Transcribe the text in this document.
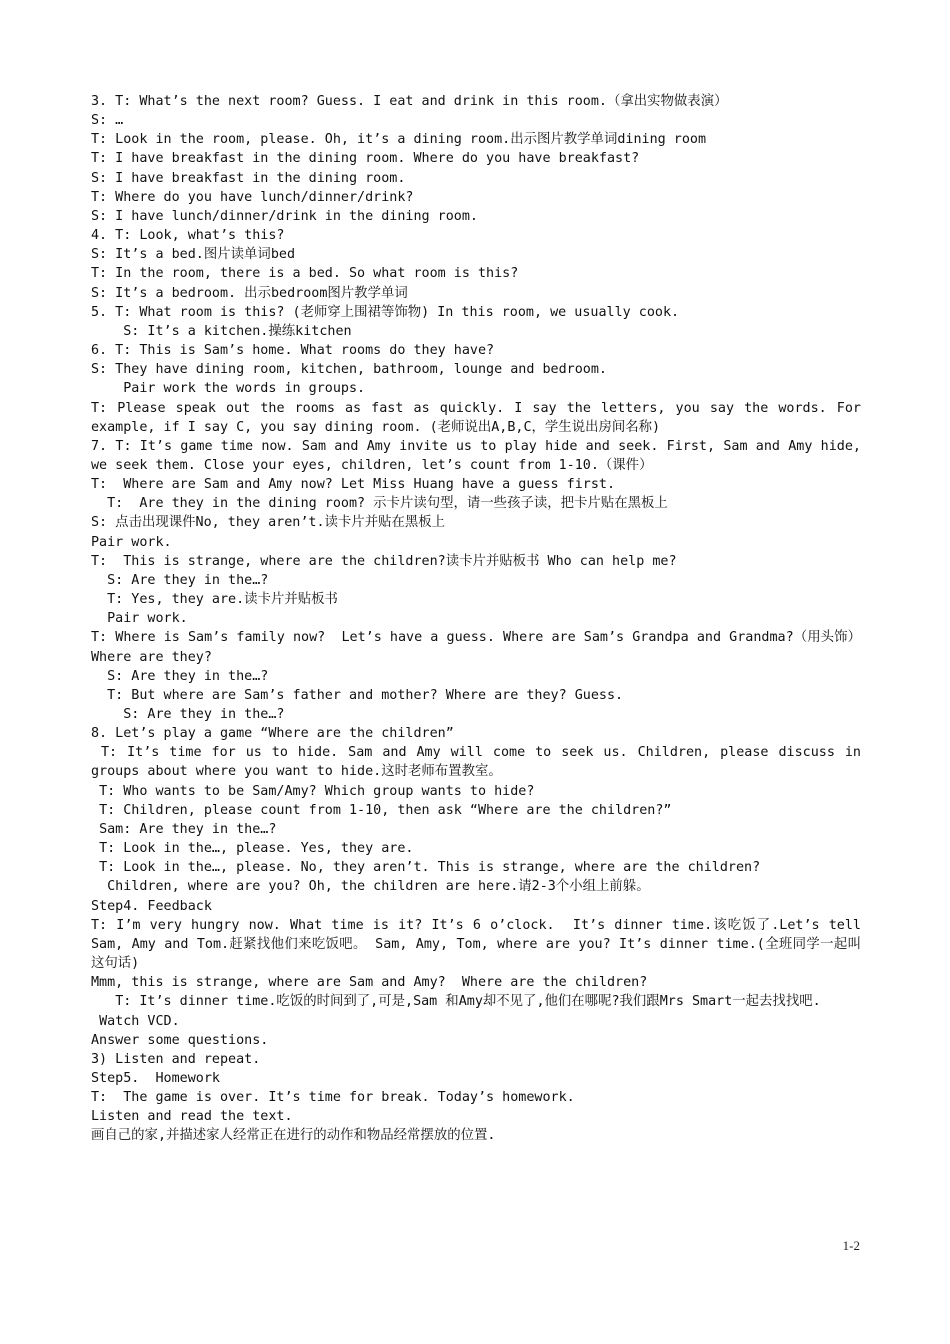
3. T: What’s the next room? Guess. I eat and drink in this room.（拿出实物做表演）
S: …
T: Look in the room, please. Oh, it’s a dining room.出示图片教学单词dining room
T: I have breakfast in the dining room. Where do you have breakfast?
S: I have breakfast in the dining room.
T: Where do you have lunch/dinner/drink?
S: I have lunch/dinner/drink in the dining room.
4. T: Look, what’s this?
S: It’s a bed.图片读单词bed
T: In the room, there is a bed. So what room is this?
S: It’s a bedroom. 出示bedroom图片教学单词
5. T: What room is this? (老师穿上围裙等饰物) In this room, we usually cook.
S: It’s a kitchen.操练kitchen
6. T: This is Sam’s home. What rooms do they have?
S: They have dining room, kitchen, bathroom, lounge and bedroom.
Pair work the words in groups.
T: Please speak out the rooms as fast as quickly. I say the letters, you say the words. For example, if I say C, you say dining room. (老师说出A,B,C，学生说出房间名称)
7. T: It’s game time now. Sam and Amy invite us to play hide and seek. First, Sam and Amy hide, we seek them. Close your eyes, children, let’s count from 1-10.（课件）
T:  Where are Sam and Amy now? Let Miss Huang have a guess first.
T:  Are they in the dining room? 示卡片读句型，请一些孩子读，把卡片贴在黑板上
S: 点击出现课件No, they aren’t.读卡片并贴在黑板上
Pair work.
T:  This is strange, where are the children?读卡片并贴板书 Who can help me?
S: Are they in the…?
T: Yes, they are.读卡片并贴板书
Pair work.
T: Where is Sam’s family now?  Let’s have a guess. Where are Sam’s Grandpa and Grandma?（用头饰）Where are they?
S: Are they in the…?
T: But where are Sam’s father and mother? Where are they? Guess.
S: Are they in the…?
8. Let’s play a game “Where are the children”
T: It’s time for us to hide. Sam and Amy will come to seek us. Children, please discuss in groups about where you want to hide.这时老师布置教室。
T: Who wants to be Sam/Amy? Which group wants to hide?
T: Children, please count from 1-10, then ask “Where are the children?”
Sam: Are they in the…?
T: Look in the…, please. Yes, they are.
T: Look in the…, please. No, they aren’t. This is strange, where are the children?
Children, where are you? Oh, the children are here.请2-3个小组上前躲。
Step4. Feedback
T: I’m very hungry now. What time is it? It’s 6 o’clock.  It’s dinner time.该吃饭了.Let’s tell Sam, Amy and Tom.赶紧找他们来吃饭吧。 Sam, Amy, Tom, where are you? It’s dinner time.(全班同学一起叫这句话)
Mmm, this is strange, where are Sam and Amy?  Where are the children?
T: It’s dinner time.吃饭的时间到了,可是,Sam 和Amy却不见了,他们在哪呢?我们跟Mrs Smart一起去找找吧.
Watch VCD.
Answer some questions.
3) Listen and repeat.
Step5.  Homework
T:  The game is over. It’s time for break. Today’s homework.
Listen and read the text.
画自己的家,并描述家人经常正在进行的动作和物品经常摆放的位置.
1-2
